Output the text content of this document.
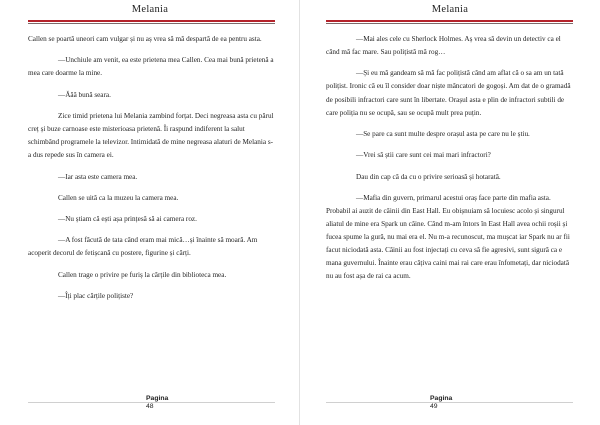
Melania

Callen se poartă uneori cam vulgar și nu aș vrea să mă despartă de ea pentru asta.

—Unchiule am venit, ea este prietena mea Callen. Cea mai bună prietenă a mea care doarme la mine.

—Ăăă bună seara.

Zice timid prietena lui Melania zambind forțat. Deci negreasa asta cu părul creț și buze carnoase este misterioasa prietenă. Îi raspund indiferent la salut schimbând programele la televizor. Intimidată de mine negreasa alaturi de Melania s-a dus repede sus în camera ei.

—Iar asta este camera mea.

Callen se uită ca la muzeu la camera mea.

—Nu știam că ești așa prințesă să ai camera roz.

—A fost făcută de tata când eram mai mică…și înainte să moară. Am acoperit decorul de fetișcană cu postere, figurine și cărți.

Callen trage o privire pe furiș la cărțile din biblioteca mea.

—Îți plac cărțile polițiste?

Pagina
48
Melania

—Mai ales cele cu Sherlock Holmes. Aș vrea să devin un detectiv ca el când mă fac mare. Sau polițistă mă rog…

—Și eu mă gandeam să mă fac polițistă când am aflat că o sa am un tată polițist. Ironic că eu îl consider doar niște mâncatori de gogoși. Am dat de o gramadă de posibili infractori care sunt în libertate. Orașul asta e plin de infractori subtili de care poliția nu se ocupă, sau se ocupă mult prea puțin.

—Se pare ca sunt multe despre orașul asta pe care nu le știu.

—Vrei să știi care sunt cei mai mari infractori?

Dau din cap că da cu o privire serioasă și hotarată.

—Mafia din guvern, primarul acestui oraș face parte din mafia asta. Probabil ai auzit de câinii din East Hall. Eu obișnuiam să locuiesc acolo și singurul aliatul de mine era Spark un câine. Când m-am întors în East Hall avea ochii roșii și fucea spume la gură, nu mai era el. Nu m-a recunoscut, ma mușcat iar Spark nu ar fii facut niciodată asta. Câinii au fost injectați cu ceva să fie agresivi, sunt sigură ca e mana guvernului. Înainte erau câțiva caini mai rai care erau înfometați, dar niciodată nu au fost așa de rai ca acum.

Pagina
49
